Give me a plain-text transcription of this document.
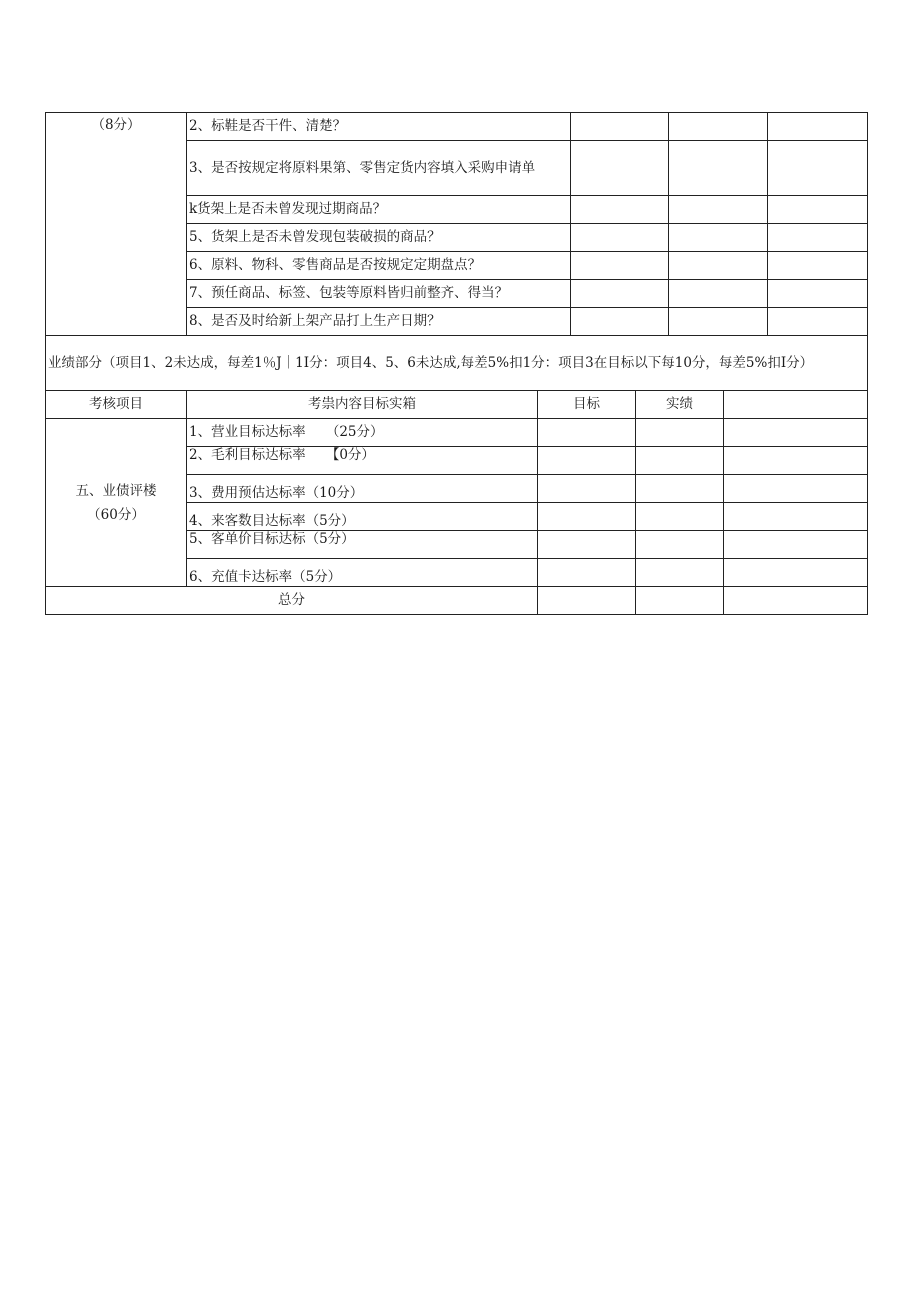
（8分）	2、标鞋是否干件、清楚？			
	3、是否按规定将原料果第、零售定货内容填入采购申请单			
	k货架上是否未曾发现过期商品？			
	5、货架上是否未曾发现包装破损的商品？			
	6、原料、物科、零售商品是否按规定定期盘点？			
	7、预任商品、标签、包装等原料皆归前整齐、得当？			
	8、是否及时给新上架产品打上生产日期？			
业绩部分（项目1、2未达成，每差1％J｜1I分：项目4、5、6未达成,每差5%扣1分：项目3在目标以下每10分，每差5%扣I分）				
考核项目	考祟内容目标实箱	目标	实绩	

五、业债评楼
（60分）	1、营业目标达标率　　（25分）			
	2、毛利目标达标率　　【0分）			
	3、费用预估达标率（10分）			
	4、来客数目达标率（5分）			
	5、客单价目标达标（5分）			
	6、充值卡达标率（5分）			
总分				
